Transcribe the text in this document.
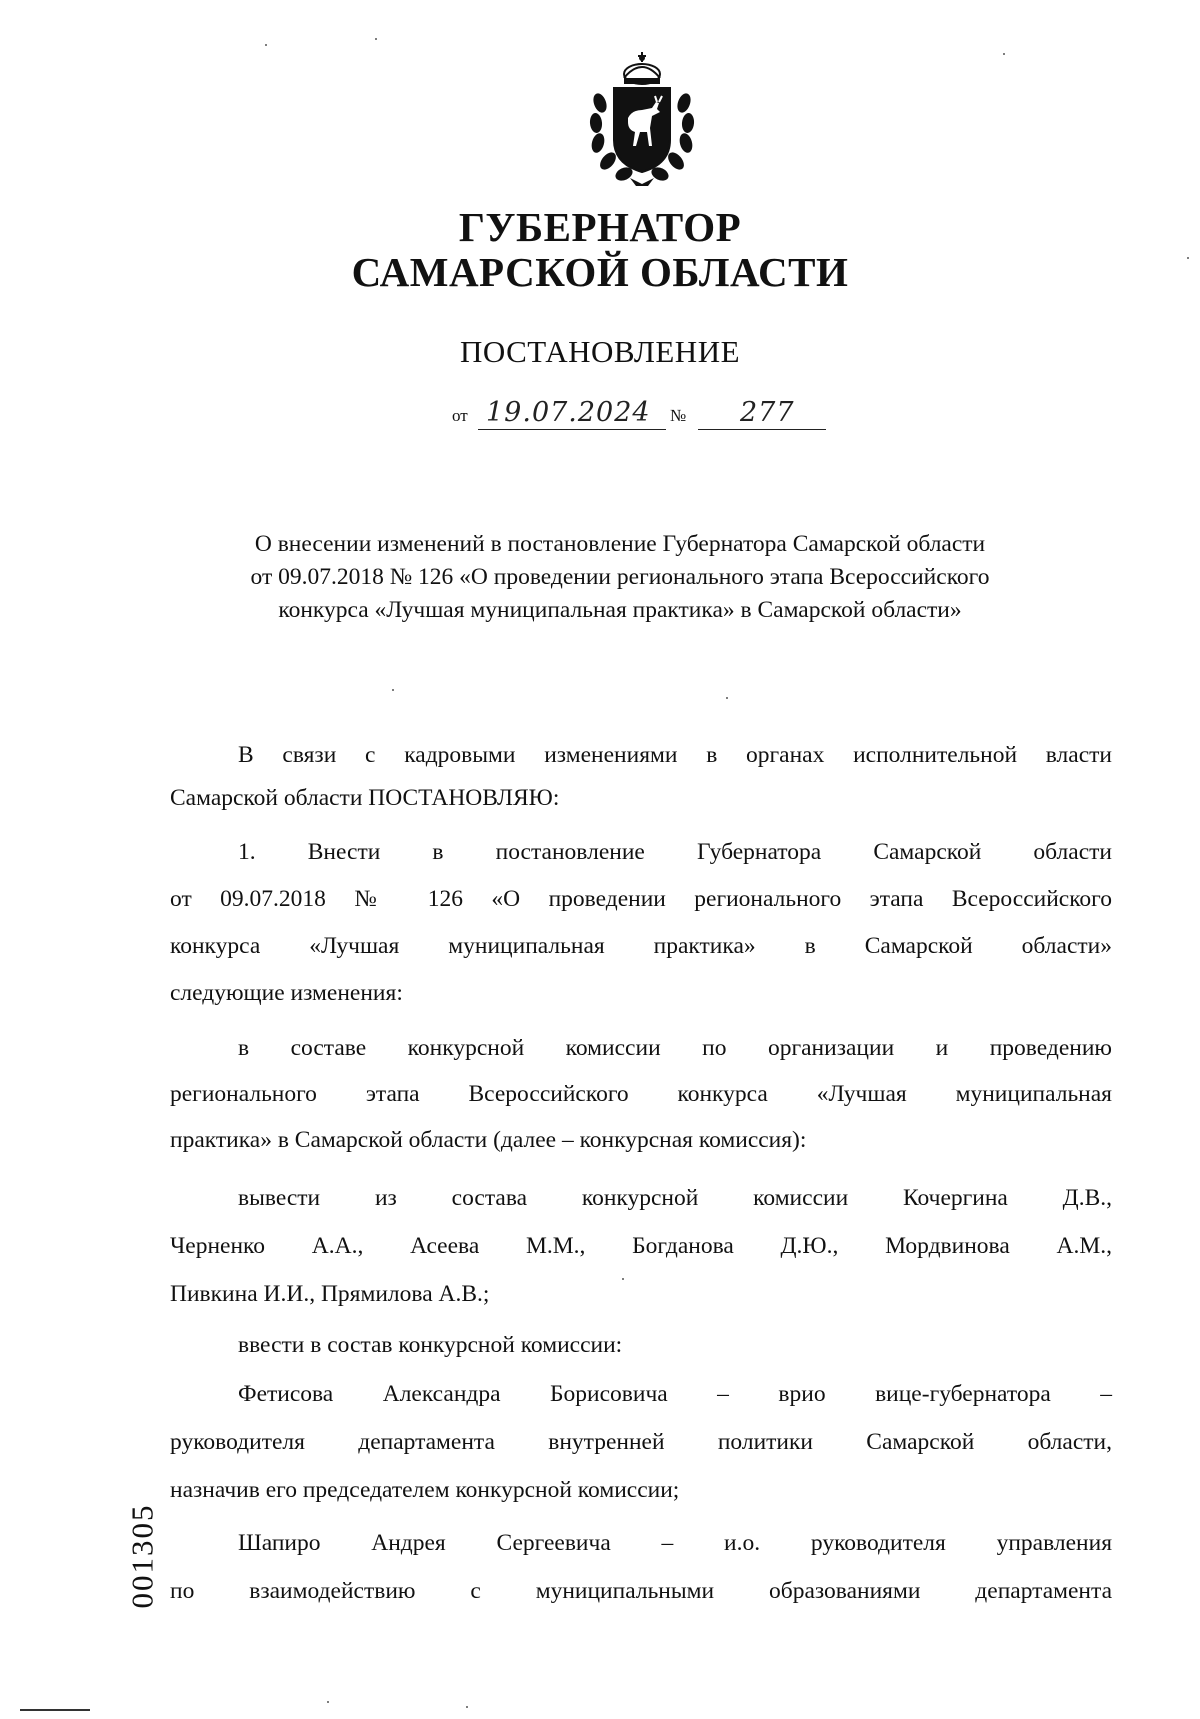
ГУБЕРНАТОР
САМАРСКОЙ ОБЛАСТИ
ПОСТАНОВЛЕНИЕ
от 19.07.2024 № 277
О внесении изменений в постановление Губернатора Самарской области
от 09.07.2018 № 126 «О проведении регионального этапа Всероссийского
конкурса «Лучшая муниципальная практика» в Самарской области»
В связи с кадровыми изменениями в органах исполнительной власти
Самарской области ПОСТАНОВЛЯЮ:
1. Внести в постановление Губернатора Самарской области
от 09.07.2018 № 126 «О проведении регионального этапа Всероссийского
конкурса «Лучшая муниципальная практика» в Самарской области»
следующие изменения:
в составе конкурсной комиссии по организации и проведению
регионального этапа Всероссийского конкурса «Лучшая муниципальная
практика» в Самарской области (далее – конкурсная комиссия):
вывести из состава конкурсной комиссии Кочергина Д.В.,
Черненко А.А., Асеева М.М., Богданова Д.Ю., Мордвинова А.М.,
Пивкина И.И., Прямилова А.В.;
ввести в состав конкурсной комиссии:
Фетисова Александра Борисовича – врио вице-губернатора –
руководителя департамента внутренней политики Самарской области,
назначив его председателем конкурсной комиссии;
Шапиро Андрея Сергеевича – и.о. руководителя управления
по взаимодействию с муниципальными образованиями департамента
001305
